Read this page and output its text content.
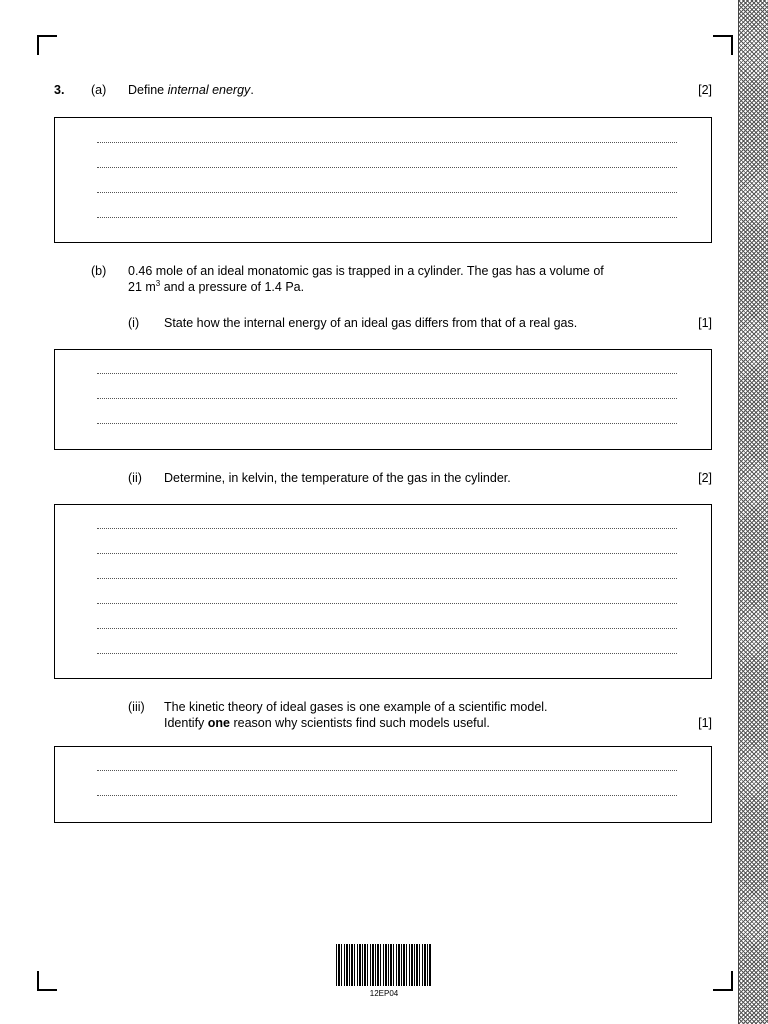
3. (a) Define internal energy.	[2]
(b) 0.46 mole of an ideal monatomic gas is trapped in a cylinder. The gas has a volume of
21 $m^3$ and a pressure of 1.4 Pa.
(i) State how the internal energy of an ideal gas differs from that of a real gas.	[1]
(ii) Determine, in kelvin, the temperature of the gas in the cylinder.	[2]
(iii) The kinetic theory of ideal gases is one example of a scientific model.
Identify one reason why scientists find such models useful.	[1]
12EP04
